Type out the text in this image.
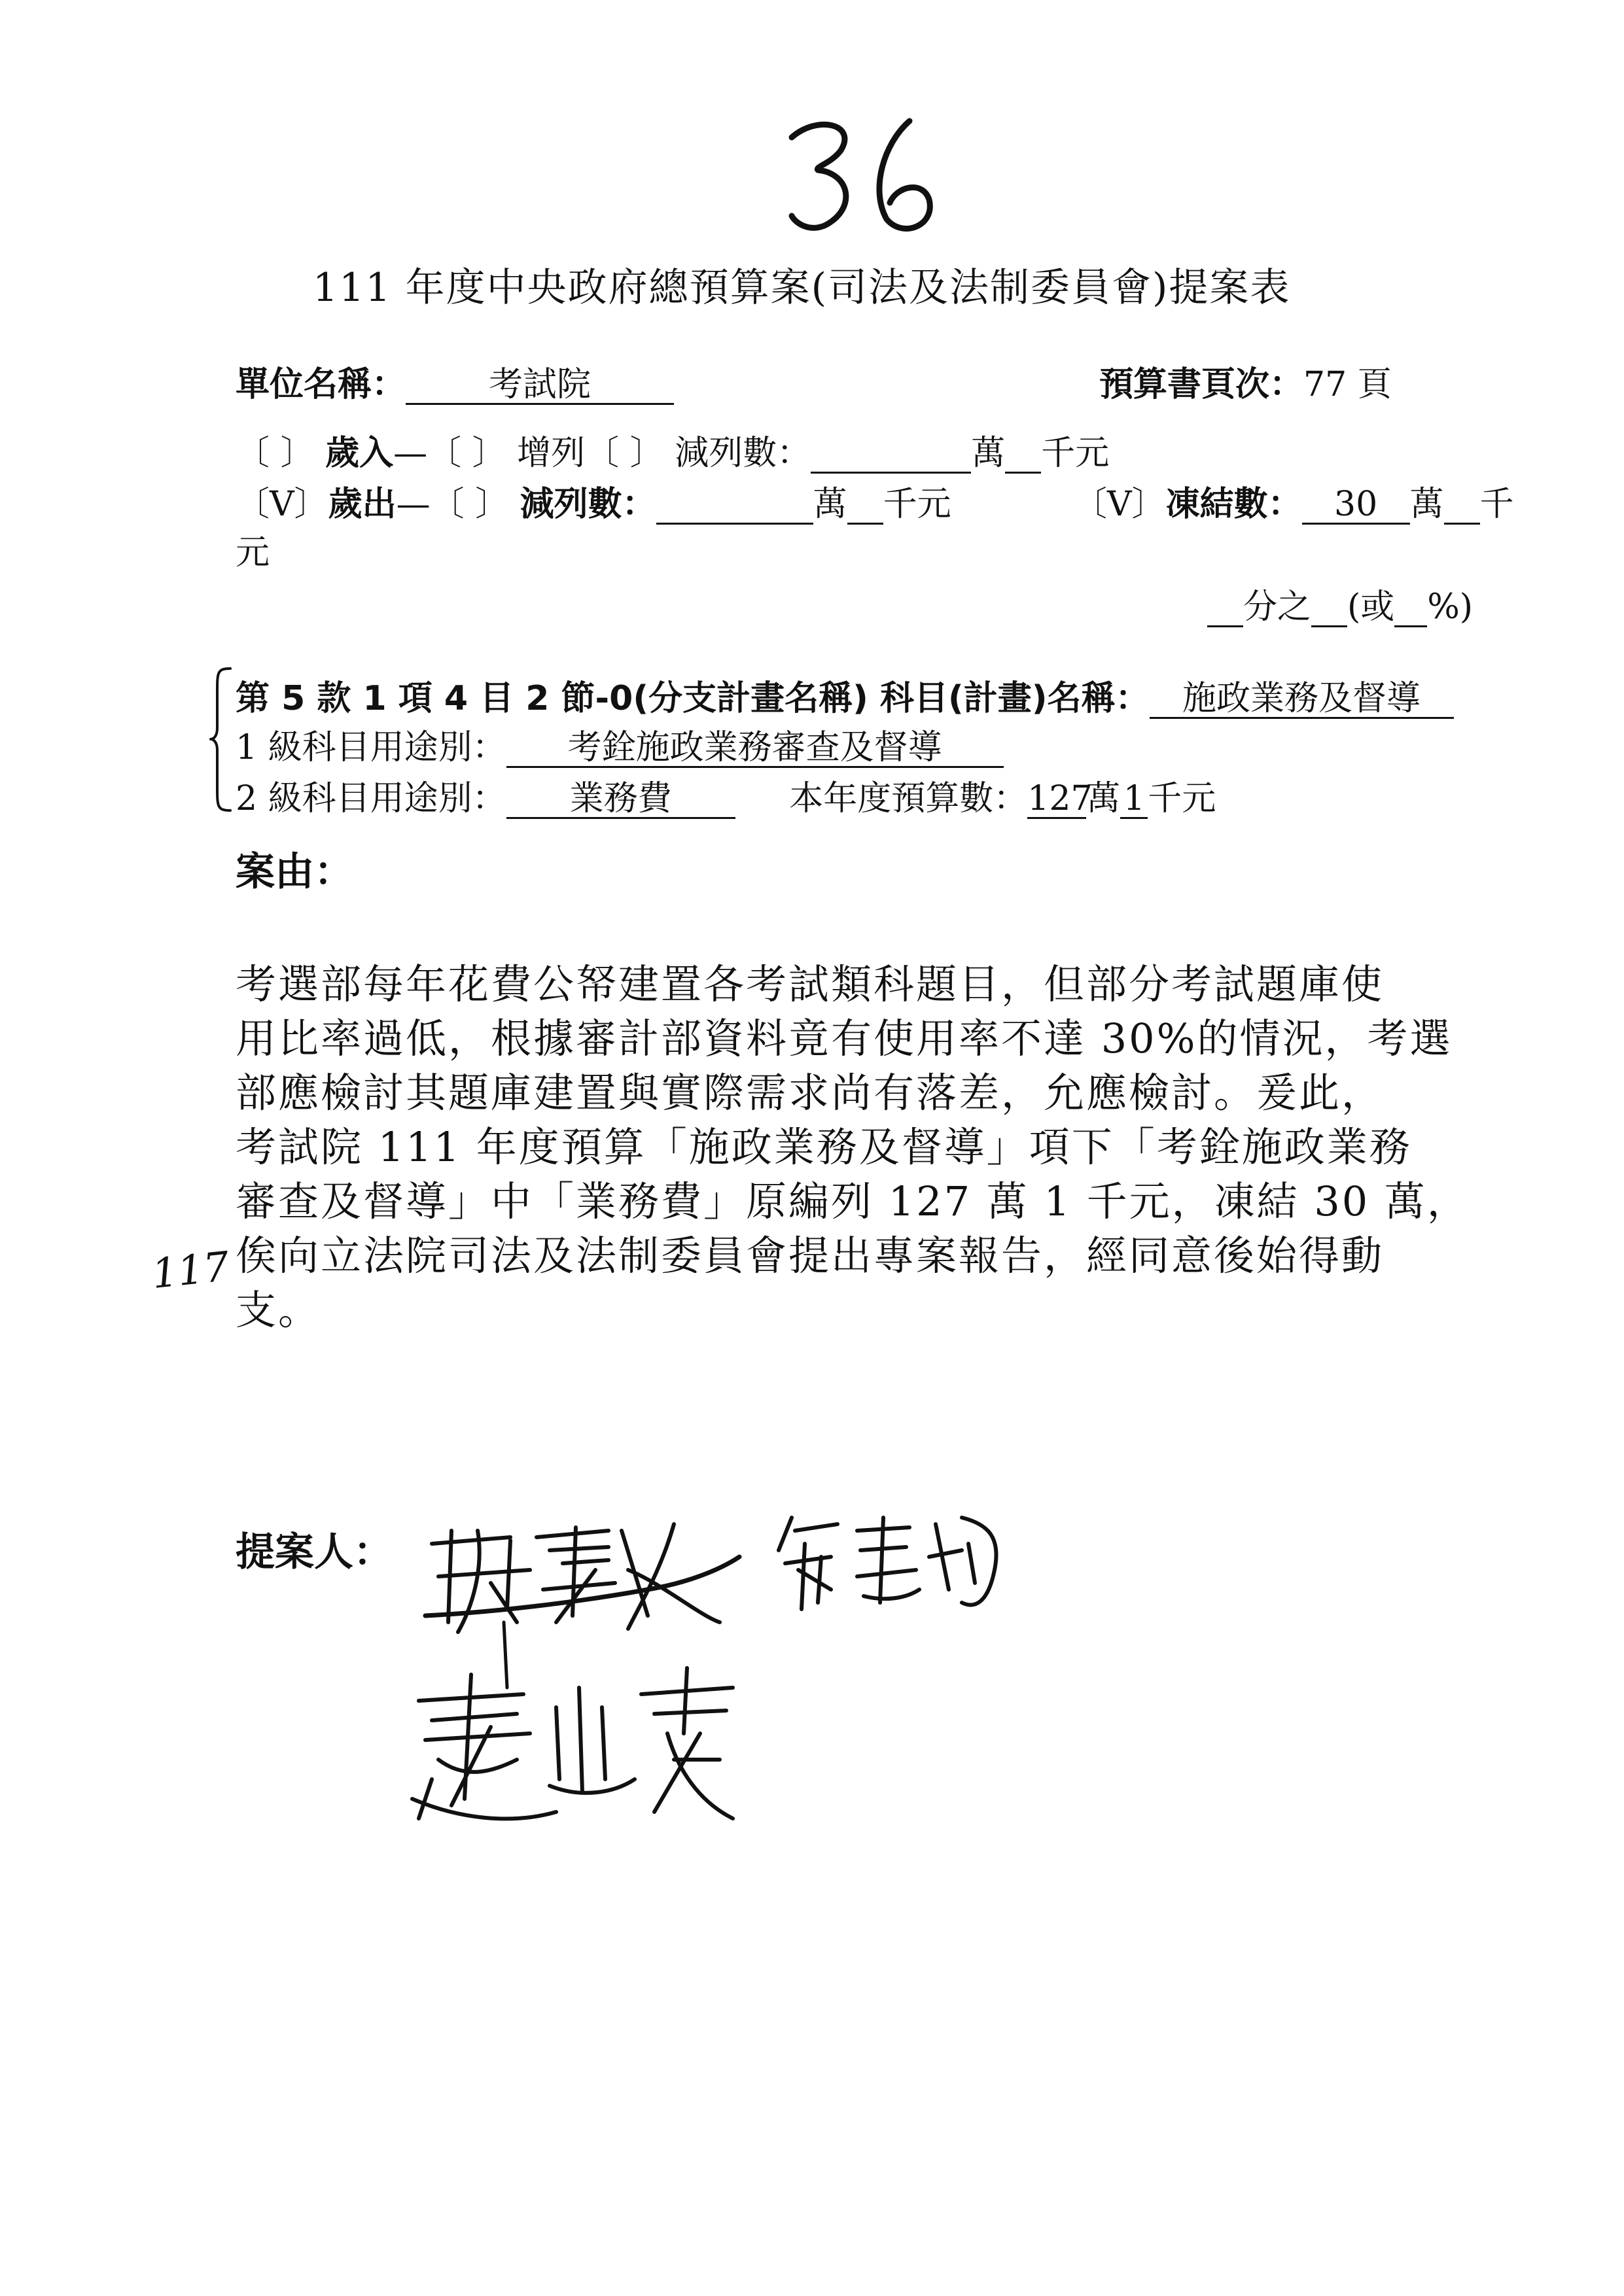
111 年度中央政府總預算案(司法及法制委員會)提案表
單位名稱： 考試院	預算書頁次：77 頁
〔 〕 歲入—〔 〕 增列〔 〕 減列數：	萬 千元
〔V〕歲出—〔 〕 減列數：	萬 千元	〔V〕凍結數： 30 萬 千
元
分之 (或 %)
第 5 款 1 項 4 目 2 節-0(分支計畫名稱) 科目(計畫)名稱： 施政業務及督導
1 級科目用途別： 考銓施政業務審查及督導
2 級科目用途別： 業務費	本年度預算數：127萬1千元
案由：
考選部每年花費公帑建置各考試類科題目，但部分考試題庫使
用比率過低，根據審計部資料竟有使用率不達 30%的情況，考選
部應檢討其題庫建置與實際需求尚有落差，允應檢討。爰此，
考試院 111 年度預算「施政業務及督導」項下「考銓施政業務
審查及督導」中「業務費」原編列 127 萬 1 千元，凍結 30 萬，
俟向立法院司法及法制委員會提出專案報告，經同意後始得動
支。
117
提案人：
